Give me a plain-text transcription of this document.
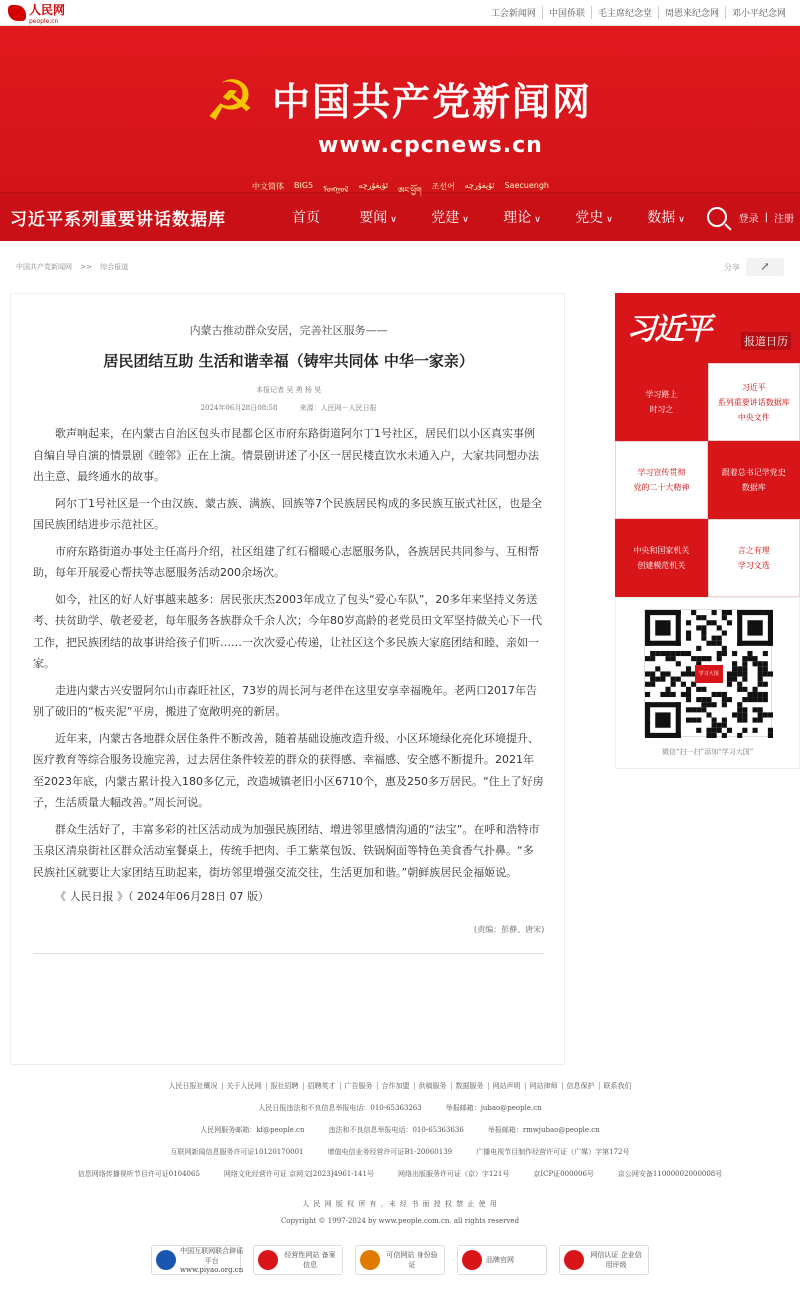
人民网
people.cn
工会新闻网	中国侨联	毛主席纪念堂	周恩来纪念网	邓小平纪念网
☭ 中国共产党新闻网
www.cpcnews.cn
中文简体 BIG5 ᠮᠣᠩᠭᠣᠯ ئۇيغۇرچە
ཨང་ཕྱོག 조선어 ئۇيغۇرچە Saecuengh
习近平系列重要讲话数据库	首页	要闻 ∨	党建 ∨	理论 ∨	党史 ∨	数据 ∨	登录 | 注册
中国共产党新闻网 >> 综合报道	分享	↗
内蒙古推动群众安居，完善社区服务——
居民团结互助 生活和谐幸福（铸牢共同体 中华一家亲）
本报记者 吴 勇 杨 昊
2024年06月28日08:58	来源：人民网－人民日报

歌声响起来，在内蒙古自治区包头市昆都仑区市府东路街道阿尔丁1号社区，居民们以小区真实事例自编自导自演的情景剧《睦邻》正在上演。情景剧讲述了小区一居民楼直饮水未通入户，大家共同想办法出主意、最终通水的故事。

阿尔丁1号社区是一个由汉族、蒙古族、满族、回族等7个民族居民构成的多民族互嵌式社区，也是全国民族团结进步示范社区。

市府东路街道办事处主任高丹介绍，社区组建了红石榴暖心志愿服务队，各族居民共同参与、互相帮助，每年开展爱心帮扶等志愿服务活动200余场次。

如今，社区的好人好事越来越多：居民张庆杰2003年成立了包头“爱心车队”，20多年来坚持义务送考、扶贫助学、敬老爱老，每年服务各族群众千余人次；今年80岁高龄的老党员田文军坚持做关心下一代工作，把民族团结的故事讲给孩子们听……一次次爱心传递，让社区这个多民族大家庭团结和睦、亲如一家。

走进内蒙古兴安盟阿尔山市森旺社区，73岁的周长河与老伴在这里安享幸福晚年。老两口2017年告别了破旧的“板夹泥”平房，搬进了宽敞明亮的新居。

近年来，内蒙古各地群众居住条件不断改善，随着基础设施改造升级、小区环境绿化亮化环境提升、医疗教育等综合服务设施完善，过去居住条件较差的群众的获得感、幸福感、安全感不断提升。2021年至2023年底，内蒙古累计投入180多亿元，改造城镇老旧小区6710个，惠及250多万居民。“住上了好房子，生活质量大幅改善。”周长河说。

群众生活好了，丰富多彩的社区活动成为加强民族团结、增进邻里感情沟通的“法宝”。在呼和浩特市玉泉区清泉街社区群众活动室餐桌上，传统手把肉、手工紫菜包饭、铁锅焖面等特色美食香气扑鼻。“多民族社区就要让大家团结互助起来，街坊邻里增强交流交往，生活更加和谐。”朝鲜族居民金福姬说。

《 人民日报 》（ 2024年06月28日 07 版）
(责编：彭静、唐宋)
习近平	报道日历
学习路上
时习之
习近平
系列重要讲话数据库
中央文件
学习宣传贯彻
党的二十大精神
跟着总书记学党史
数据库
中央和国家机关
创建模范机关
言之有理
学习文选
学习大国
微信“扫一扫”添加“学习大国”
人民日报社概况 关于人民网 报社招聘 招聘英才 广告服务 合作加盟 供稿服务 数据服务 网站声明 网站律师 信息保护 联系我们
人民日报违法和不良信息举报电话：010-65363263	举报邮箱：jubao@people.cn
人民网服务邮箱：kf@people.cn	违法和不良信息举报电话：010-65363636	举报邮箱：rmwjubao@people.cn
互联网新闻信息服务许可证10120170001	增值电信业务经营许可证B1-20060139	广播电视节目制作经营许可证（广媒）字第172号
信息网络传播视听节目许可证0104065	网络文化经营许可证 京网文[2023]4961-141号	网络出版服务许可证（京）字121号	京ICP证000006号	京公网安备11000002000008号
人 民 网 版 权 所 有 ，未 经 书 面 授 权 禁 止 使 用
Copyright © 1997-2024 by www.people.com.cn. all rights reserved
中国互联网联合辟谣平台 www.piyao.org.cn
经营性网站 备案信息
可信网站 身份验证
品牌官网
网信认证 企业信用评级
